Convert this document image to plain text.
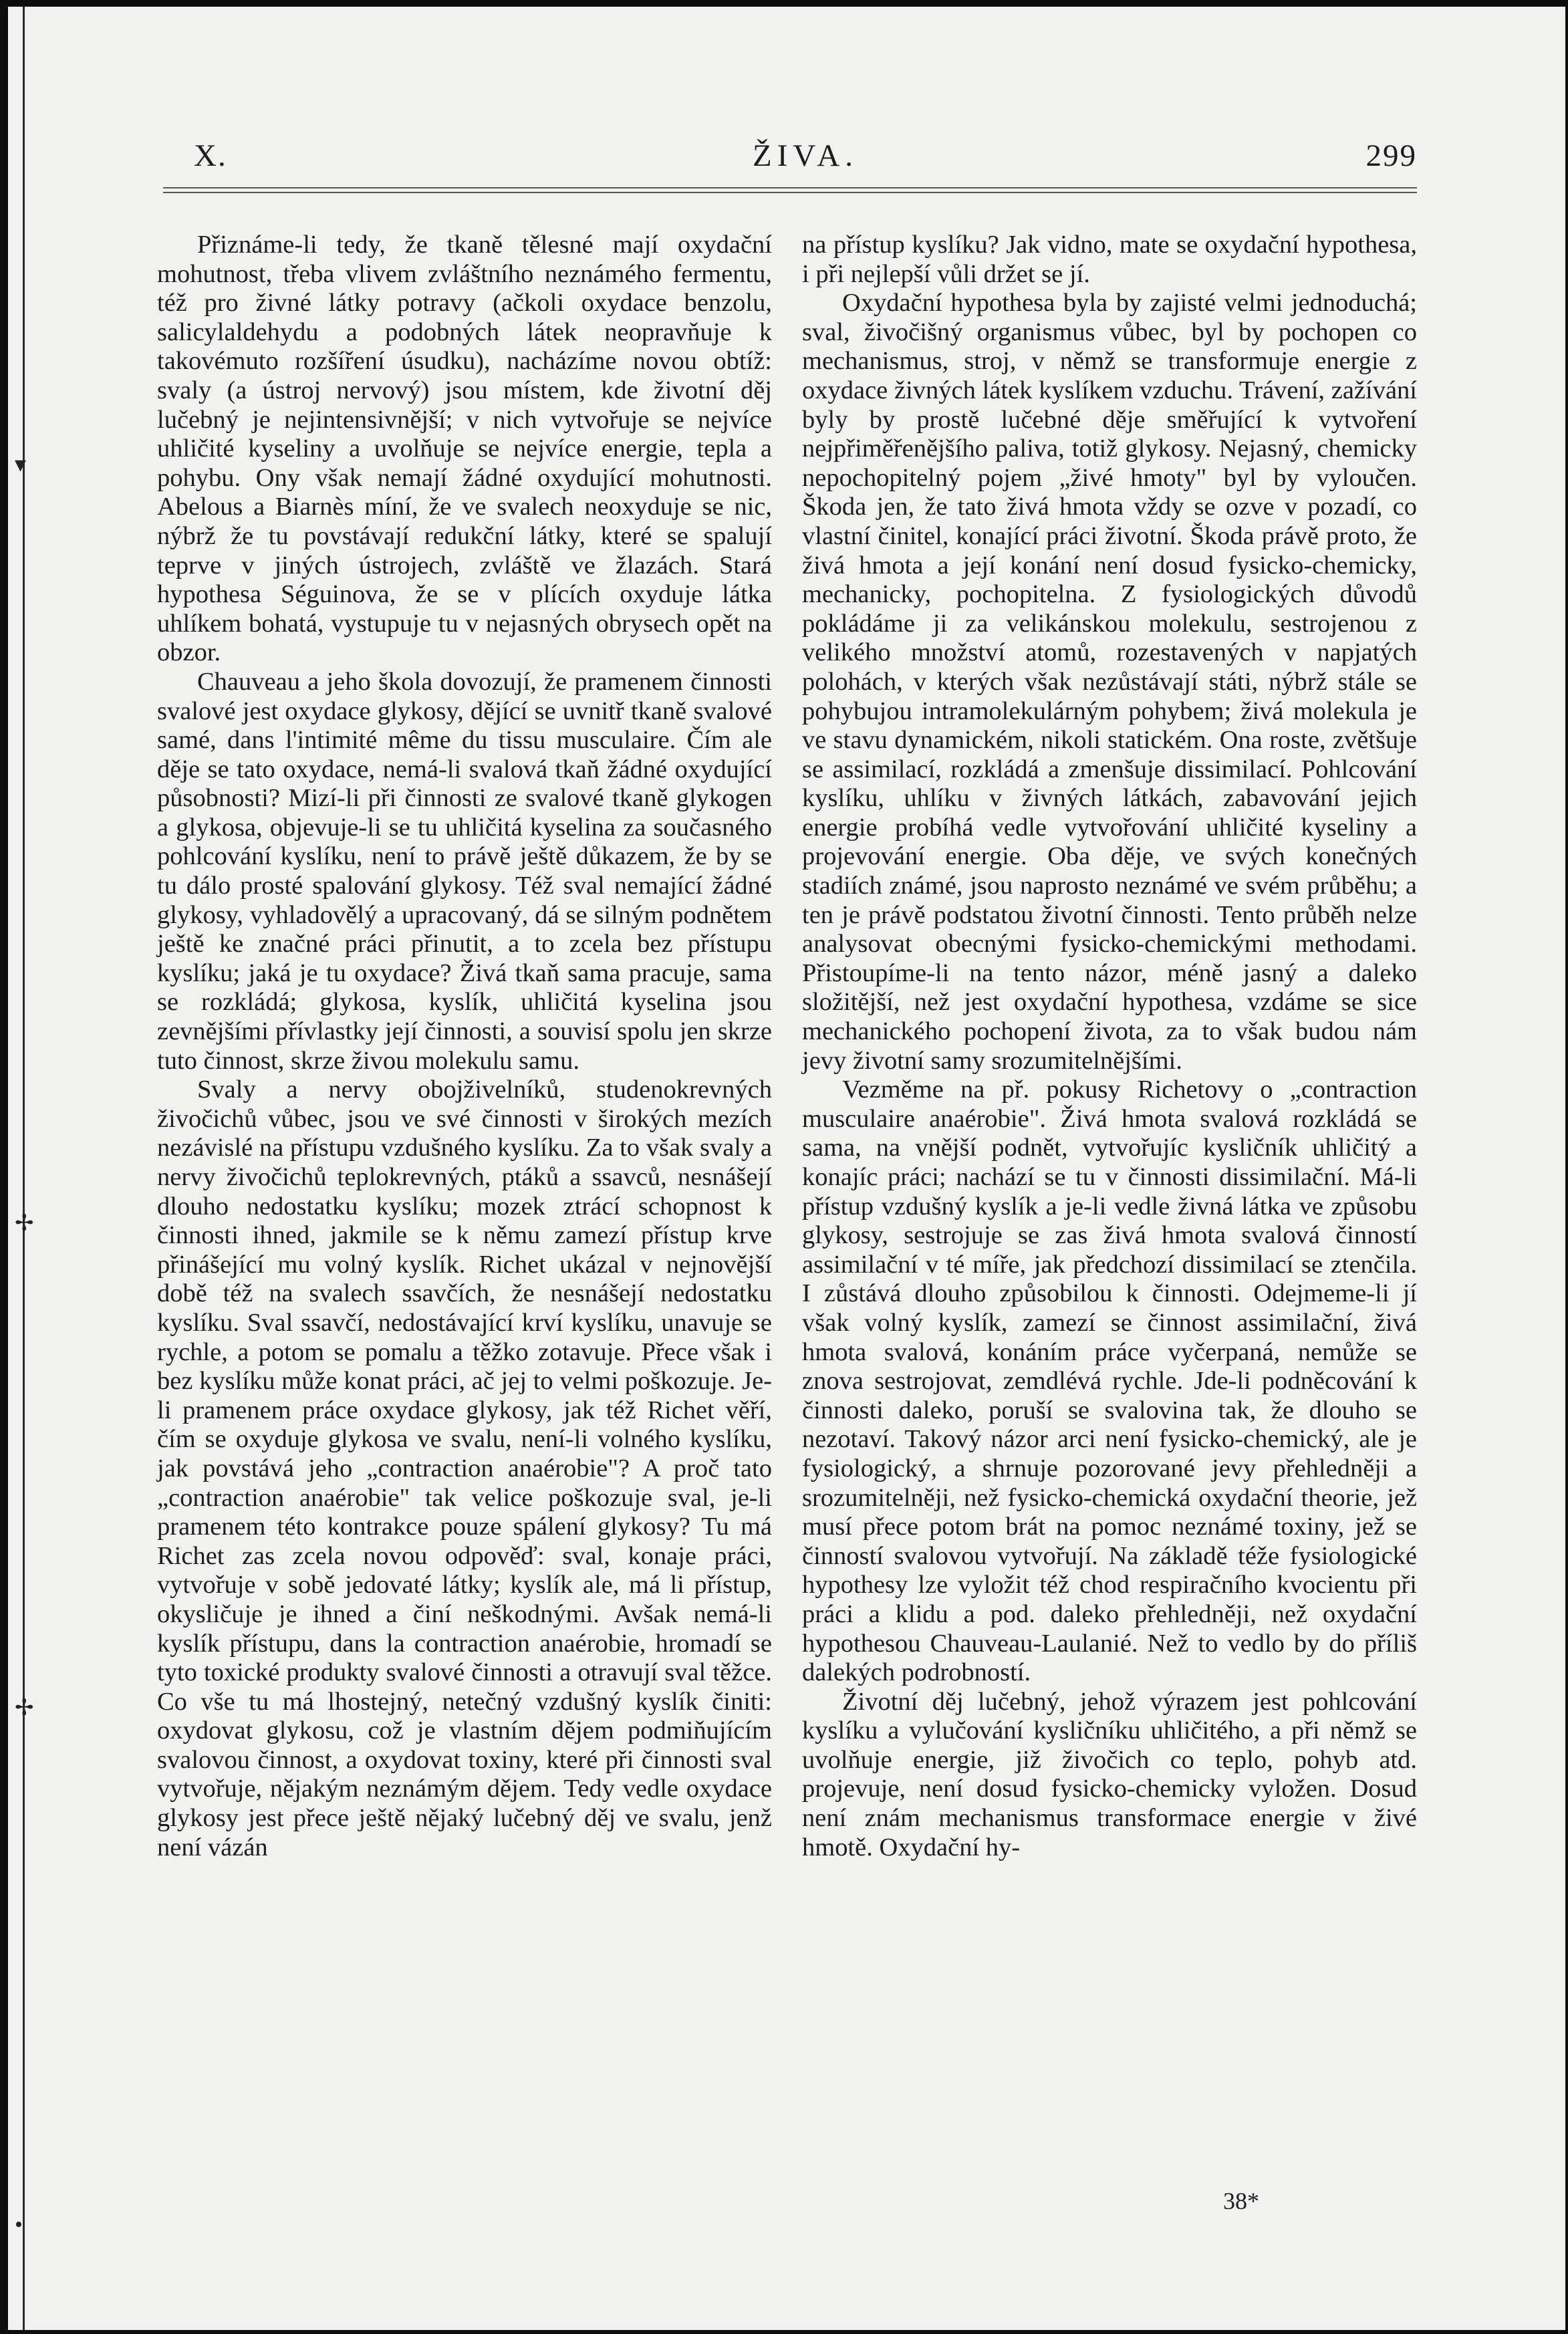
▾
✢
✢
•
X.	ŽIVA.	299

Přiznáme-li tedy, že tkaně tělesné mají oxydační mohutnost, třeba vlivem zvláštního neznámého fermentu, též pro živné látky potravy (ačkoli oxydace benzolu, salicylaldehydu a podobných látek neopravňuje k takovémuto rozšíření úsudku), nacházíme novou obtíž: svaly (a ústroj nervový) jsou místem, kde životní děj lučebný je nejintensivnější; v nich vytvořuje se nejvíce uhličité kyseliny a uvolňuje se nejvíce energie, tepla a pohybu. Ony však nemají žádné oxydující mohutnosti. Abelous a Biarnès míní, že ve svalech neoxyduje se nic, nýbrž že tu povstávají redukční látky, které se spalují teprve v jiných ústrojech, zvláště ve žlazách. Stará hypothesa Séguinova, že se v plících oxyduje látka uhlíkem bohatá, vystupuje tu v nejasných obrysech opět na obzor.

Chauveau a jeho škola dovozují, že pramenem činnosti svalové jest oxydace glykosy, dějící se uvnitř tkaně svalové samé, dans l'intimité même du tissu musculaire. Čím ale děje se tato oxydace, nemá-li svalová tkaň žádné oxydující působnosti? Mizí-li při činnosti ze svalové tkaně glykogen a glykosa, objevuje-li se tu uhličitá kyselina za současného pohlcování kyslíku, není to právě ještě důkazem, že by se tu dálo prosté spalování glykosy. Též sval nemající žádné glykosy, vyhladovělý a upracovaný, dá se silným podnětem ještě ke značné práci přinutit, a to zcela bez přístupu kyslíku; jaká je tu oxydace? Živá tkaň sama pracuje, sama se rozkládá; glykosa, kyslík, uhličitá kyselina jsou zevnějšími přívlastky její činnosti, a souvisí spolu jen skrze tuto činnost, skrze živou molekulu samu.

Svaly a nervy obojživelníků, studenokrevných živočichů vůbec, jsou ve své činnosti v širokých mezích nezávislé na přístupu vzdušného kyslíku. Za to však svaly a nervy živočichů teplokrevných, ptáků a ssavců, nesnášejí dlouho nedostatku kyslíku; mozek ztrácí schopnost k činnosti ihned, jakmile se k němu zamezí přístup krve přinášející mu volný kyslík. Richet ukázal v nejnovější době též na svalech ssavčích, že nesnášejí nedostatku kyslíku. Sval ssavčí, nedostávající krví kyslíku, unavuje se rychle, a potom se pomalu a těžko zotavuje. Přece však i bez kyslíku může konat práci, ač jej to velmi poškozuje. Je-li pramenem práce oxydace glykosy, jak též Richet věří, čím se oxyduje glykosa ve svalu, není-li volného kyslíku, jak povstává jeho „contraction anaérobie"? A proč tato „contraction anaérobie" tak velice poškozuje sval, je-li pramenem této kontrakce pouze spálení glykosy? Tu má Richet zas zcela novou odpověď: sval, konaje práci, vytvořuje v sobě jedovaté látky; kyslík ale, má li přístup, okysličuje je ihned a činí neškodnými. Avšak nemá-li kyslík přístupu, dans la contraction anaérobie, hromadí se tyto toxické produkty svalové činnosti a otravují sval těžce. Co vše tu má lhostejný, netečný vzdušný kyslík činiti: oxydovat glykosu, což je vlastním dějem podmiňujícím svalovou činnost, a oxydovat toxiny, které při činnosti sval vytvořuje, nějakým neznámým dějem. Tedy vedle oxydace glykosy jest přece ještě nějaký lučebný děj ve svalu, jenž není vázán

na přístup kyslíku? Jak vidno, mate se oxydační hypothesa, i při nejlepší vůli držet se jí.

Oxydační hypothesa byla by zajisté velmi jednoduchá; sval, živočišný organismus vůbec, byl by pochopen co mechanismus, stroj, v němž se transformuje energie z oxydace živných látek kyslíkem vzduchu. Trávení, zažívání byly by prostě lučebné děje směřující k vytvoření nejpřiměřenějšího paliva, totiž glykosy. Nejasný, chemicky nepochopitelný pojem „živé hmoty" byl by vyloučen. Škoda jen, že tato živá hmota vždy se ozve v pozadí, co vlastní činitel, konající práci životní. Škoda právě proto, že živá hmota a její konání není dosud fysicko-chemicky, mechanicky, pochopitelna. Z fysiologických důvodů pokládáme ji za velikánskou molekulu, sestrojenou z velikého množství atomů, rozestavených v napjatých polohách, v kterých však nezůstávají státi, nýbrž stále se pohybujou intramolekulárným pohybem; živá molekula je ve stavu dynamickém, nikoli statickém. Ona roste, zvětšuje se assimilací, rozkládá a zmenšuje dissimilací. Pohlcování kyslíku, uhlíku v živných látkách, zabavování jejich energie probíhá vedle vytvořování uhličité kyseliny a projevování energie. Oba děje, ve svých konečných stadiích známé, jsou naprosto neznámé ve svém průběhu; a ten je právě podstatou životní činnosti. Tento průběh nelze analysovat obecnými fysicko-chemickými methodami. Přistoupíme-li na tento názor, méně jasný a daleko složitější, než jest oxydační hypothesa, vzdáme se sice mechanického pochopení života, za to však budou nám jevy životní samy srozumitelnějšími.

Vezměme na př. pokusy Richetovy o „contraction musculaire anaérobie". Živá hmota svalová rozkládá se sama, na vnější podnět, vytvořujíc kysličník uhličitý a konajíc práci; nachází se tu v činnosti dissimilační. Má-li přístup vzdušný kyslík a je-li vedle živná látka ve způsobu glykosy, sestrojuje se zas živá hmota svalová činností assimilační v té míře, jak předchozí dissimilací se ztenčila. I zůstává dlouho způsobilou k činnosti. Odejmeme-li jí však volný kyslík, zamezí se činnost assimilační, živá hmota svalová, konáním práce vyčerpaná, nemůže se znova sestrojovat, zemdlévá rychle. Jde-li podněcování k činnosti daleko, poruší se svalovina tak, že dlouho se nezotaví. Takový názor arci není fysicko-chemický, ale je fysiologický, a shrnuje pozorované jevy přehledněji a srozumitelněji, než fysicko-chemická oxydační theorie, jež musí přece potom brát na pomoc neznámé toxiny, jež se činností svalovou vytvořují. Na základě téže fysiologické hypothesy lze vyložit též chod respiračního kvocientu při práci a klidu a pod. daleko přehledněji, než oxydační hypothesou Chauveau-Laulanié. Než to vedlo by do příliš dalekých podrobností.

Životní děj lučebný, jehož výrazem jest pohlcování kyslíku a vylučování kysličníku uhličitého, a při němž se uvolňuje energie, již živočich co teplo, pohyb atd. projevuje, není dosud fysicko-chemicky vyložen. Dosud není znám mechanismus transformace energie v živé hmotě. Oxydační hy-

38*
